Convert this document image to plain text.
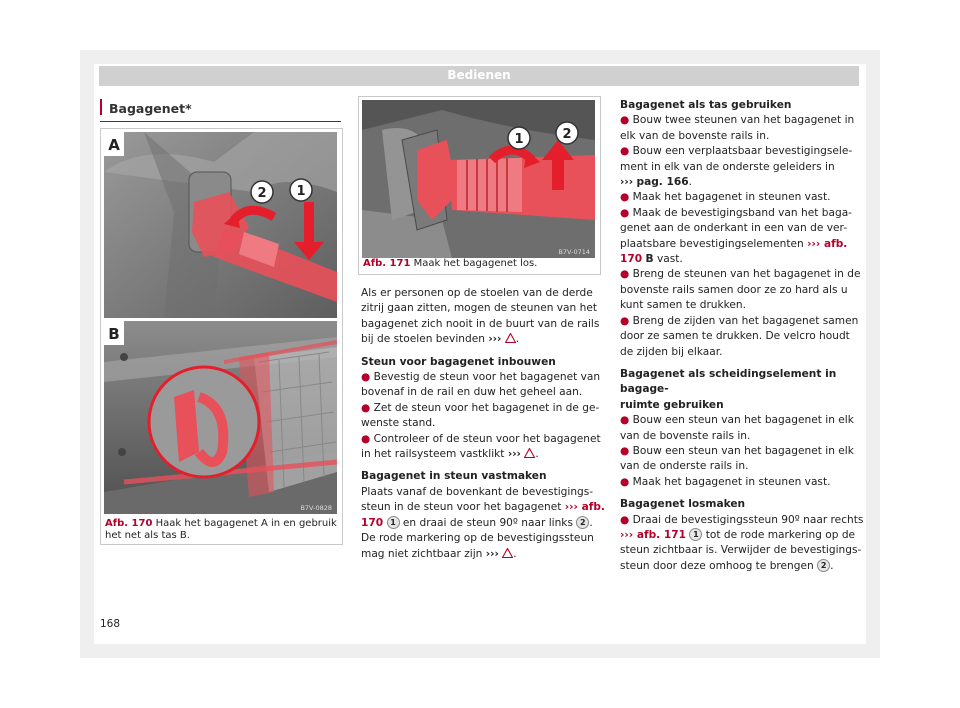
Bedienen
Bagagenet*
2 1
A
B
B7V-0828
Afb. 170 Haak het bagagenet A in en gebruik
het net als tas B.
1	2
B7V-0714
Afb. 171 Maak het bagagenet los.

Als er personen op de stoelen van de derde
zitrij gaan zitten, mogen de steunen van het
bagagenet zich nooit in de buurt van de rails
bij de stoelen bevinden ››› .

Steun voor bagagenet inbouwen

● Bevestig de steun voor het bagagenet van
bovenaf in de rail en duw het geheel aan.

● Zet de steun voor het bagagenet in de ge-
wenste stand.

● Controleer of de steun voor het bagagenet
in het railsysteem vastklikt ››› .

Bagagenet in steun vastmaken

Plaats vanaf de bovenkant de bevestigings-
steun in de steun voor het bagagenet ››› afb.
170 1 en draai de steun 90º naar links 2 .
De rode markering op de bevestigingssteun
mag niet zichtbaar zijn ››› .

Bagagenet als tas gebruiken

● Bouw twee steunen van het bagagenet in
elk van de bovenste rails in.

● Bouw een verplaatsbaar bevestigingsele-
ment in elk van de onderste geleiders in
››› pag. 166.

● Maak het bagagenet in steunen vast.

● Maak de bevestigingsband van het baga-
genet aan de onderkant in een van de ver-
plaatsbare bevestigingselementen ››› afb.
170 B vast.

● Breng de steunen van het bagagenet in de
bovenste rails samen door ze zo hard als u
kunt samen te drukken.

● Breng de zijden van het bagagenet samen
door ze samen te drukken. De velcro houdt
de zijden bij elkaar.

Bagagenet als scheidingselement in bagage-
ruimte gebruiken

● Bouw een steun van het bagagenet in elk
van de bovenste rails in.

● Bouw een steun van het bagagenet in elk
van de onderste rails in.

● Maak het bagagenet in steunen vast.

Bagagenet losmaken

● Draai de bevestigingssteun 90º naar rechts
››› afb. 171 1 tot de rode markering op de
steun zichtbaar is. Verwijder de bevestigings-
steun door deze omhoog te brengen 2 .

168
